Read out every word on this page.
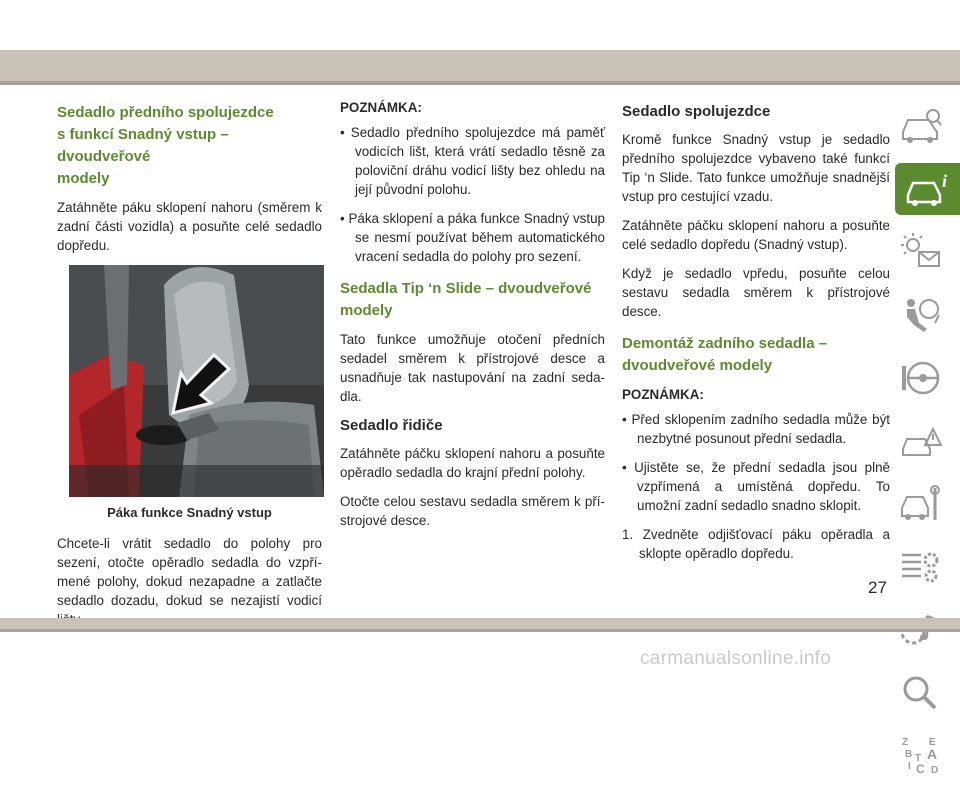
Sedadlo předního spolujezdce
s funkcí Snadný vstup – dvoudveřové
modely

Zatáhněte páku sklopení nahoru (směrem k zadní části vozidla) a posuňte celé sedadlo dopředu.

Páka funkce Snadný vstup

Chcete-li vrátit sedadlo do polohy pro sezení, otočte opěradlo sedadla do vzpří-mené polohy, dokud nezapadne a zatlačte sedadlo dozadu, dokud se nezajistí vodicí

POZNÁMKA:

• Sedadlo předního spolujezdce má paměť vodicích lišt, která vrátí sedadlo těsně za poloviční dráhu vodicí lišty bez ohledu na její původní polohu.

• Páka sklopení a páka funkce Snadný vstup se nesmí používat během automatického vracení sedadla do polohy pro sezení.

Sedadla Tip ‘n Slide – dvoudveřové
modely

Tato funkce umožňuje otočení předních sedadel směrem k přístrojové desce a usnadňuje tak nastupování na zadní seda-dla.

Sedadlo řidiče

Zatáhněte páčku sklopení nahoru a posuňte opěradlo sedadla do krajní přední polohy.

Otočte celou sestavu sedadla směrem k pří-strojové desce.

Sedadlo spolujezdce

Kromě funkce Snadný vstup je sedadlo předního spolujezdce vybaveno také funkcí Tip ‘n Slide. Tato funkce umožňuje snadnější vstup pro cestující vzadu.

Zatáhněte páčku sklopení nahoru a posuňte celé sedadlo dopředu (Snadný vstup).

Když je sedadlo vpředu, posuňte celou sestavu sedadla směrem k přístrojové desce.

Demontáž zadního sedadla –
dvoudveřové modely
POZNÁMKA:

• Před sklopením zadního sedadla může být nezbytné posunout přední sedadla.

• Ujistěte se, že přední sedadla jsou plně vzpřímená a umístěná dopředu. To umožní zadní sedadlo snadno sklopit.

1. Zvedněte odjišťovací páku opěradla a sklopte opěradlo dopředu.

i
Z E
B A
I C
T
D
27
carmanualsonline.info
